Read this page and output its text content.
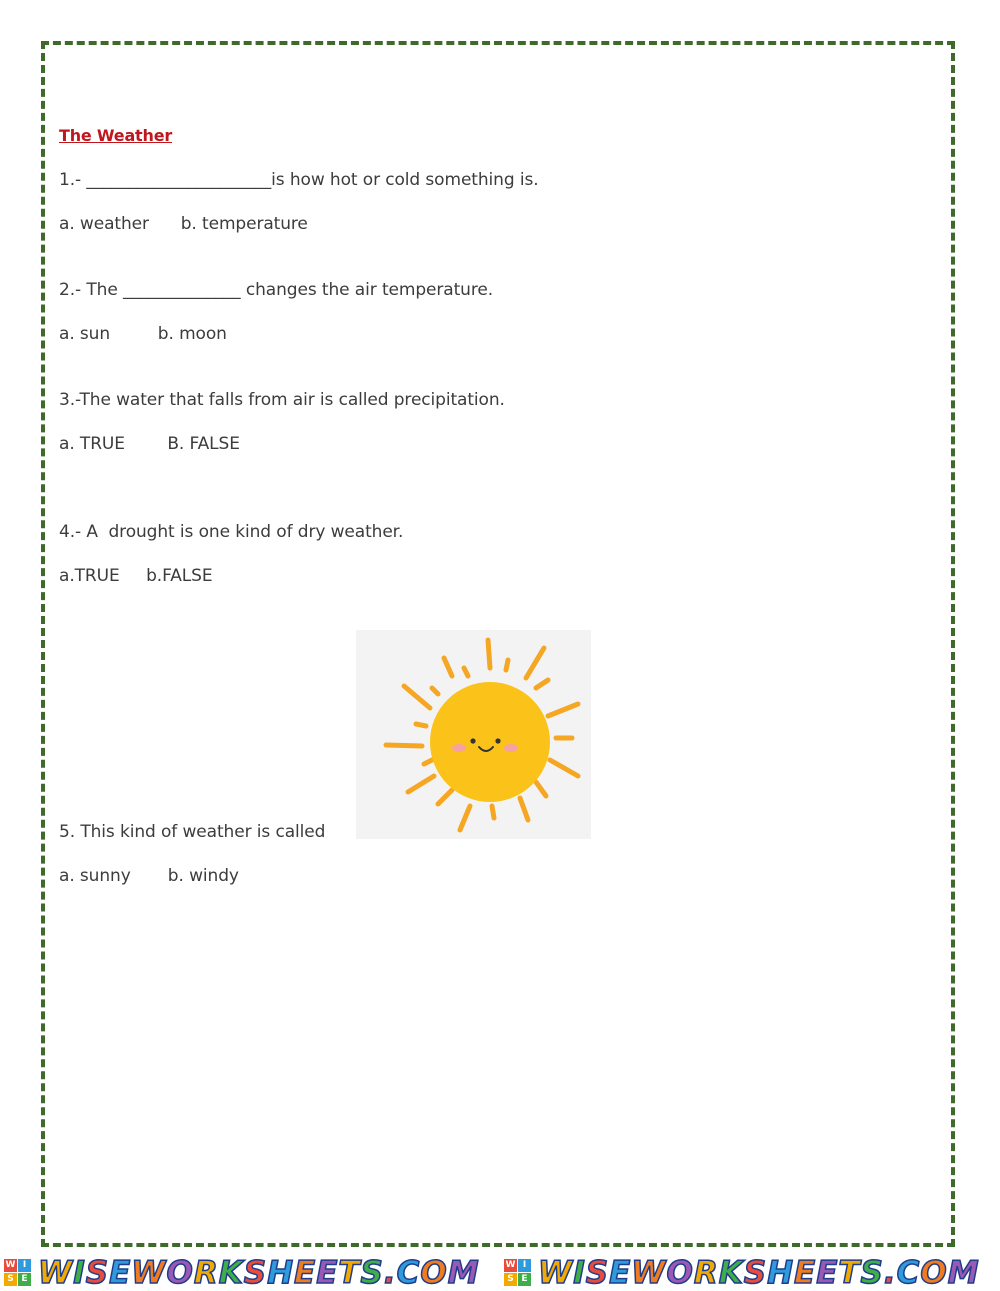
The Weather
1.- ______________________is how hot or cold something is.
a. weather      b. temperature
2.- The ______________ changes the air temperature.
a. sun         b. moon
3.-The water that falls from air is called precipitation.
a. TRUE        B. FALSE
4.- A  drought is one kind of dry weather.
a.TRUE     b.FALSE
5. This kind of weather is called
a. sunny       b. windy
W I
S E WISEWORKSHEETS.COM	W I
S E WISEWORKSHEETS.COM
